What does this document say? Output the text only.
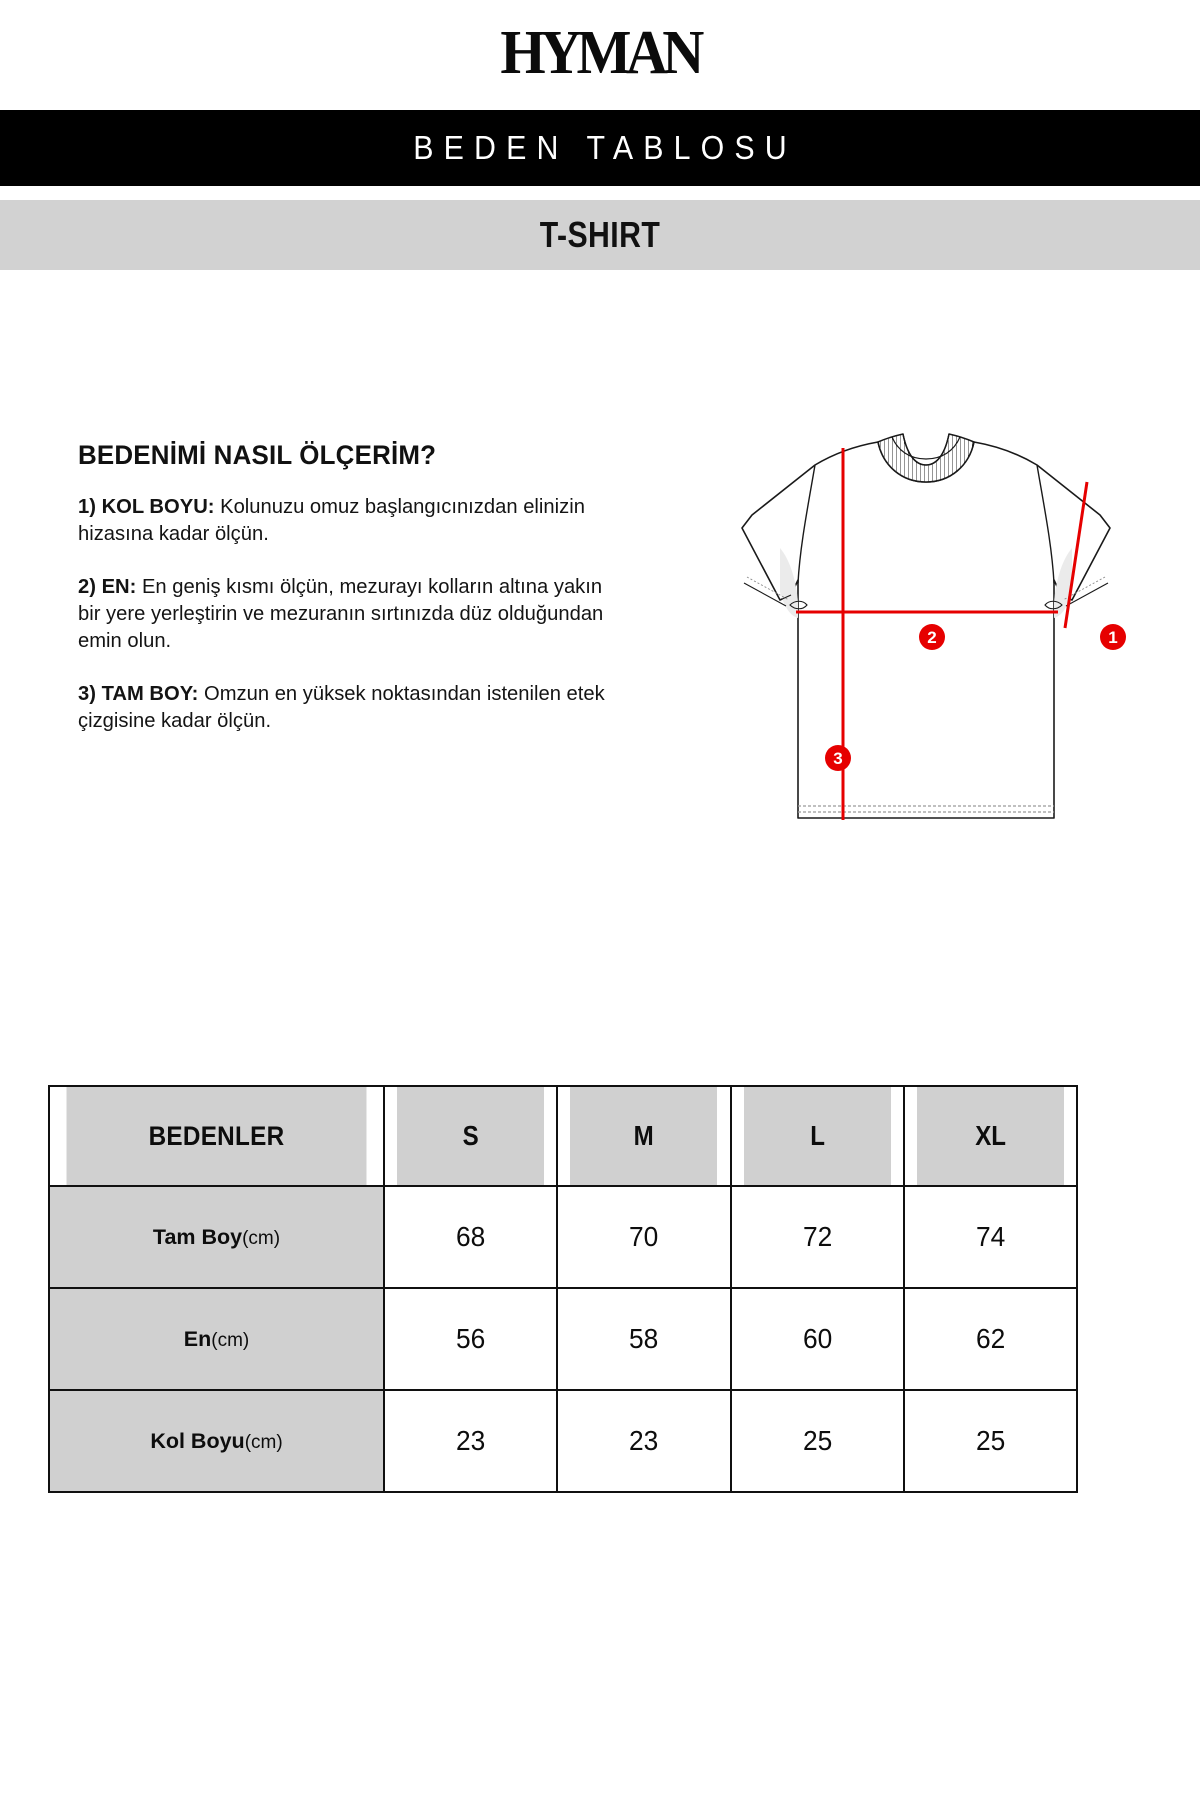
HYMAN
BEDEN TABLOSU
T-SHIRT
BEDENİMİ NASIL ÖLÇERİM?

1) KOL BOYU: Kolunuzu omuz başlangıcınızdan elinizin hizasına kadar ölçün.

2) EN: En geniş kısmı ölçün, mezurayı kolların altına yakın bir yere yerleştirin ve mezuranın sırtınızda düz olduğundan emin olun.

3) TAM BOY: Omzun en yüksek noktasından istenilen etek çizgisine kadar ölçün.

1
2
3
BEDENLER	S	M	L	XL
Tam Boy(cm)	68	70	72	74
En(cm)	56	58	60	62
Kol Boyu(cm)	23	23	25	25
